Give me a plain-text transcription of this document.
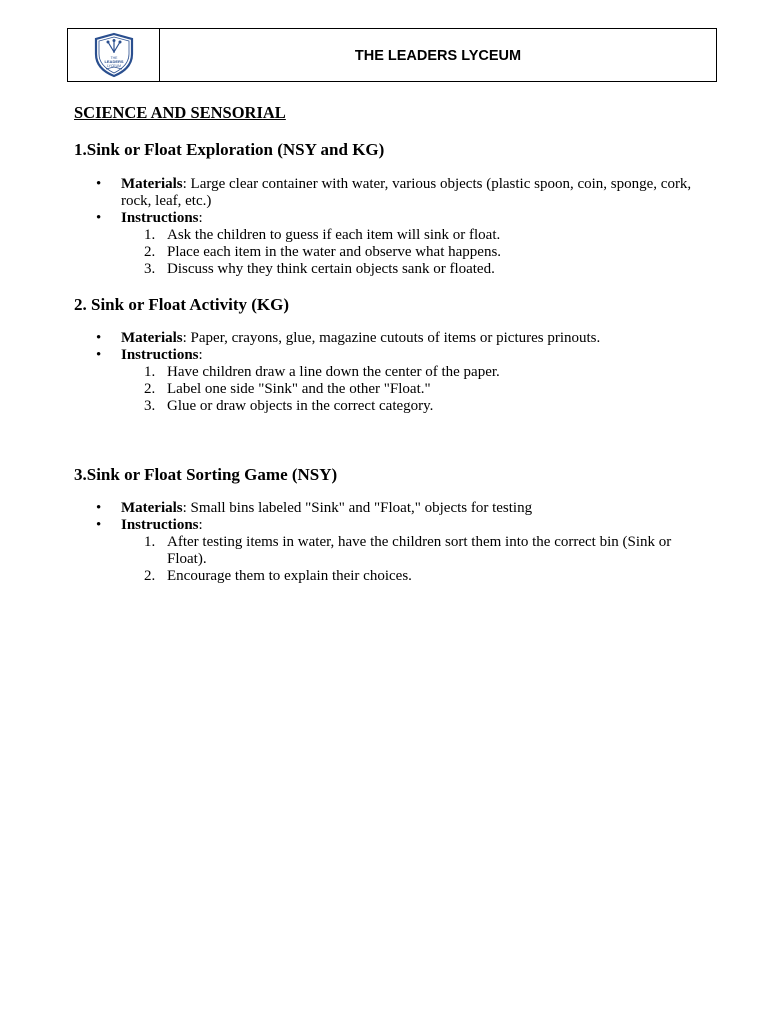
THE
LEADERS
LYCEUM
THE LEADERS LYCEUM

SCIENCE AND SENSORIAL

1.Sink or Float Exploration (NSY and KG)

• Materials: Large clear container with water, various objects (plastic spoon, coin, sponge, cork, rock, leaf, etc.)
• Instructions:
1. Ask the children to guess if each item will sink or float.
2. Place each item in the water and observe what happens.
3. Discuss why they think certain objects sank or floated.

2. Sink or Float Activity (KG)

• Materials: Paper, crayons, glue, magazine cutouts of items or pictures prinouts.
• Instructions:
1. Have children draw a line down the center of the paper.
2. Label one side "Sink" and the other "Float."
3. Glue or draw objects in the correct category.

3.Sink or Float Sorting Game (NSY)

• Materials: Small bins labeled "Sink" and "Float," objects for testing
• Instructions:
1. After testing items in water, have the children sort them into the correct bin (Sink or Float).
2. Encourage them to explain their choices.
